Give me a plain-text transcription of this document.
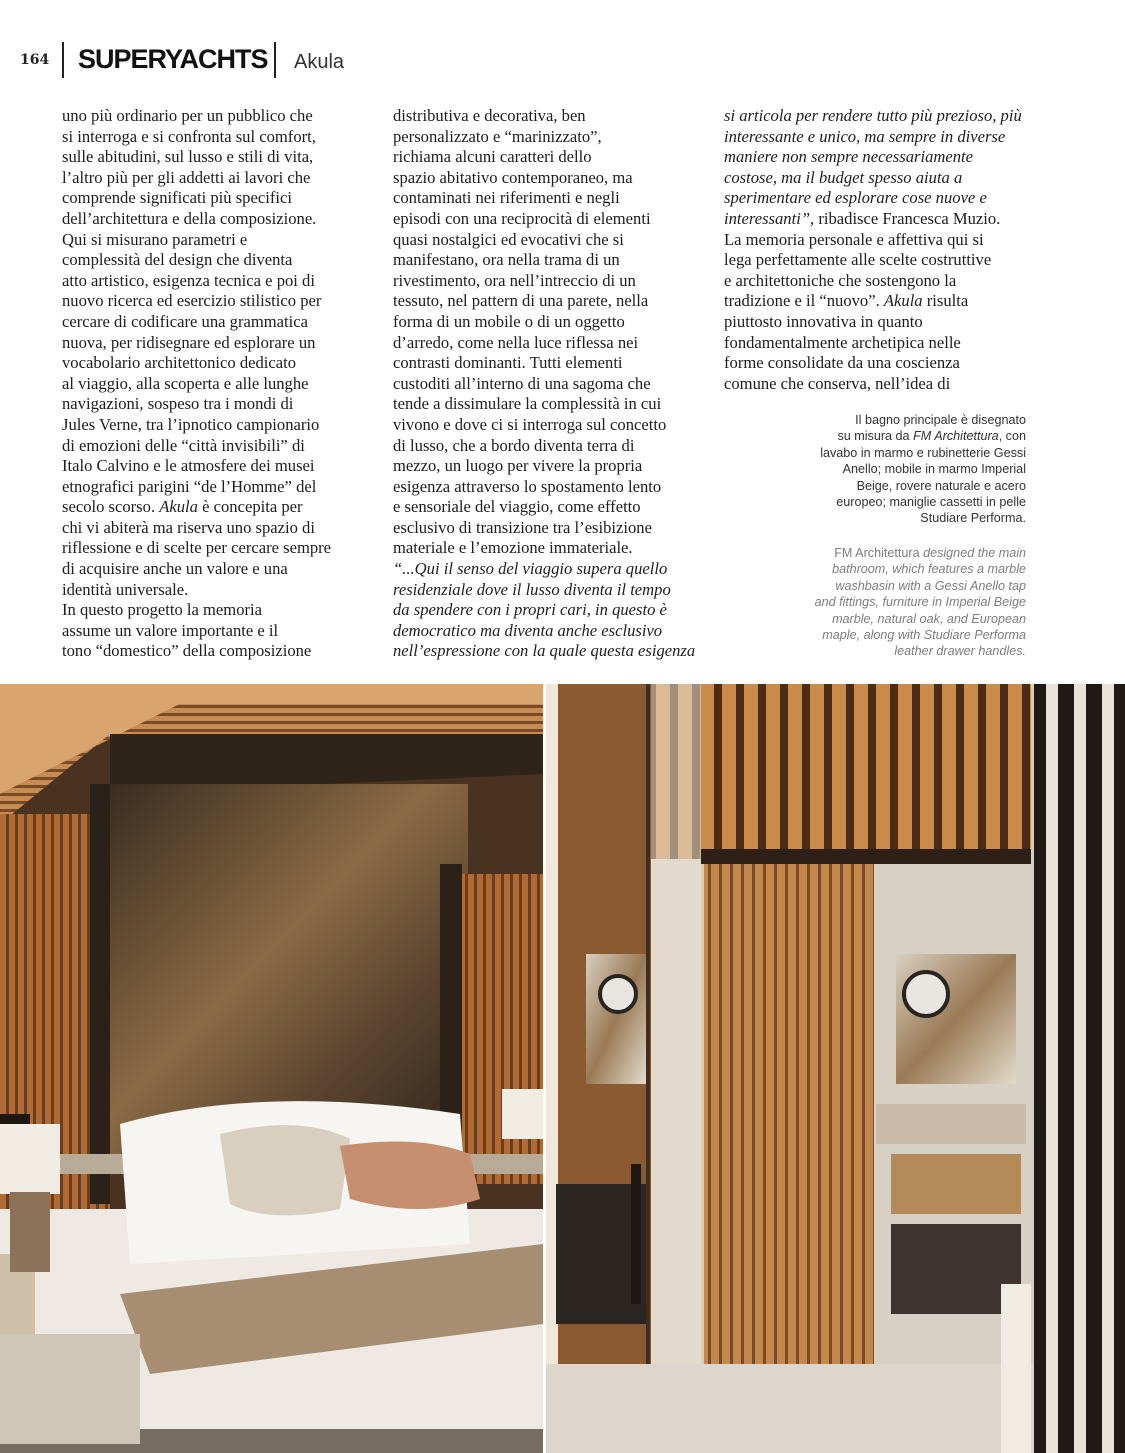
164 SUPERYACHTS Akula
uno più ordinario per un pubblico che
si interroga e si confronta sul comfort,
sulle abitudini, sul lusso e stili di vita,
l’altro più per gli addetti ai lavori che
comprende significati più specifici
dell’architettura e della composizione.
Qui si misurano parametri e
complessità del design che diventa
atto artistico, esigenza tecnica e poi di
nuovo ricerca ed esercizio stilistico per
cercare di codificare una grammatica
nuova, per ridisegnare ed esplorare un
vocabolario architettonico dedicato
al viaggio, alla scoperta e alle lunghe
navigazioni, sospeso tra i mondi di
Jules Verne, tra l’ipnotico campionario
di emozioni delle “città invisibili” di
Italo Calvino e le atmosfere dei musei
etnografici parigini “de l’Homme” del
secolo scorso. Akula è concepita per
chi vi abiterà ma riserva uno spazio di
riflessione e di scelte per cercare sempre
di acquisire anche un valore e una
identità universale.
In questo progetto la memoria
assume un valore importante e il
tono “domestico” della composizione
distributiva e decorativa, ben
personalizzato e “marinizzato”,
richiama alcuni caratteri dello
spazio abitativo contemporaneo, ma
contaminati nei riferimenti e negli
episodi con una reciprocità di elementi
quasi nostalgici ed evocativi che si
manifestano, ora nella trama di un
rivestimento, ora nell’intreccio di un
tessuto, nel pattern di una parete, nella
forma di un mobile o di un oggetto
d’arredo, come nella luce riflessa nei
contrasti dominanti. Tutti elementi
custoditi all’interno di una sagoma che
tende a dissimulare la complessità in cui
vivono e dove ci si interroga sul concetto
di lusso, che a bordo diventa terra di
mezzo, un luogo per vivere la propria
esigenza attraverso lo spostamento lento
e sensoriale del viaggio, come effetto
esclusivo di transizione tra l’esibizione
materiale e l’emozione immateriale.
“...Qui il senso del viaggio supera quello
residenziale dove il lusso diventa il tempo
da spendere con i propri cari, in questo è
democratico ma diventa anche esclusivo
nell’espressione con la quale questa esigenza
si articola per rendere tutto più prezioso, più
interessante e unico, ma sempre in diverse
maniere non sempre necessariamente
costose, ma il budget spesso aiuta a
sperimentare ed esplorare cose nuove e
interessanti”, ribadisce Francesca Muzio.
La memoria personale e affettiva qui si
lega perfettamente alle scelte costruttive
e architettoniche che sostengono la
tradizione e il “nuovo”. Akula risulta
piuttosto innovativa in quanto
fondamentalmente archetipica nelle
forme consolidate da una coscienza
comune che conserva, nell’idea di
Il bagno principale è disegnato
su misura da FM Architettura, con
lavabo in marmo e rubinetterie Gessi
Anello; mobile in marmo Imperial
Beige, rovere naturale e acero
europeo; maniglie cassetti in pelle
Studiare Performa.
FM Architettura designed the main
bathroom, which features a marble
washbasin with a Gessi Anello tap
and fittings, furniture in Imperial Beige
marble, natural oak, and European
maple, along with Studiare Performa
leather drawer handles.
